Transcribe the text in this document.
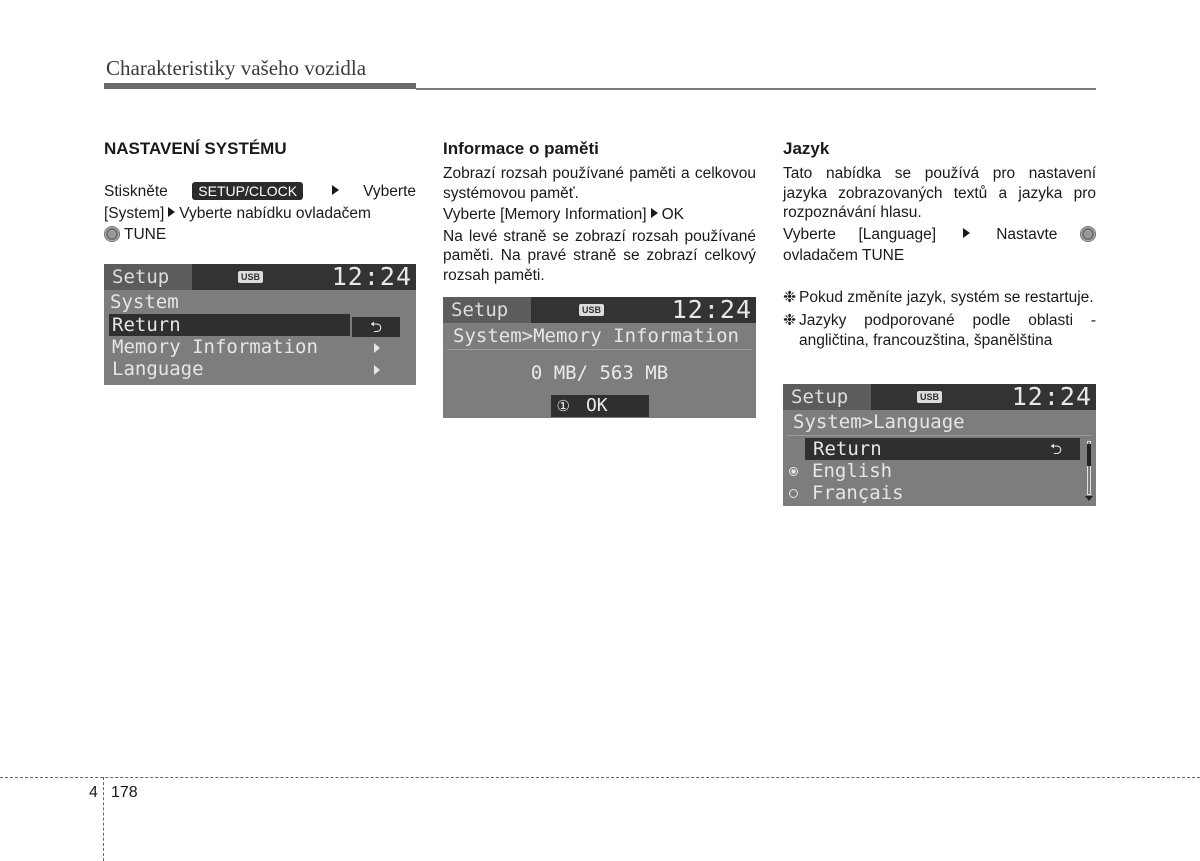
Charakteristiky vašeho vozidla
NASTAVENÍ SYSTÉMU
Stiskněte SETUP/CLOCK	Vyberte
[System] Vyberte nabídku ovladačem
TUNE
Setup	USB	12:24
System
Return	⮌
Memory Information
Language
Informace o paměti
Zobrazí rozsah používané paměti a celkovou systémovou paměť.
Vyberte [Memory Information] OK
Na levé straně se zobrazí rozsah používané paměti. Na pravé straně se zobrazí celkový rozsah paměti.
Setup	USB	12:24
System>Memory Information
0 MB/ 563 MB
① OK
Jazyk
Tato nabídka se používá pro nastavení jazyka zobrazovaných textů a jazyka pro rozpoznávání hlasu.
Vyberte [Language]	Nastavte
ovladačem TUNE
❉ Pokud změníte jazyk, systém se restartuje.
❉ Jazyky podporované podle oblasti - angličtina, francouzština, španělština
Setup	USB	12:24
System>Language
Return	⮌
English
Français
4 178
